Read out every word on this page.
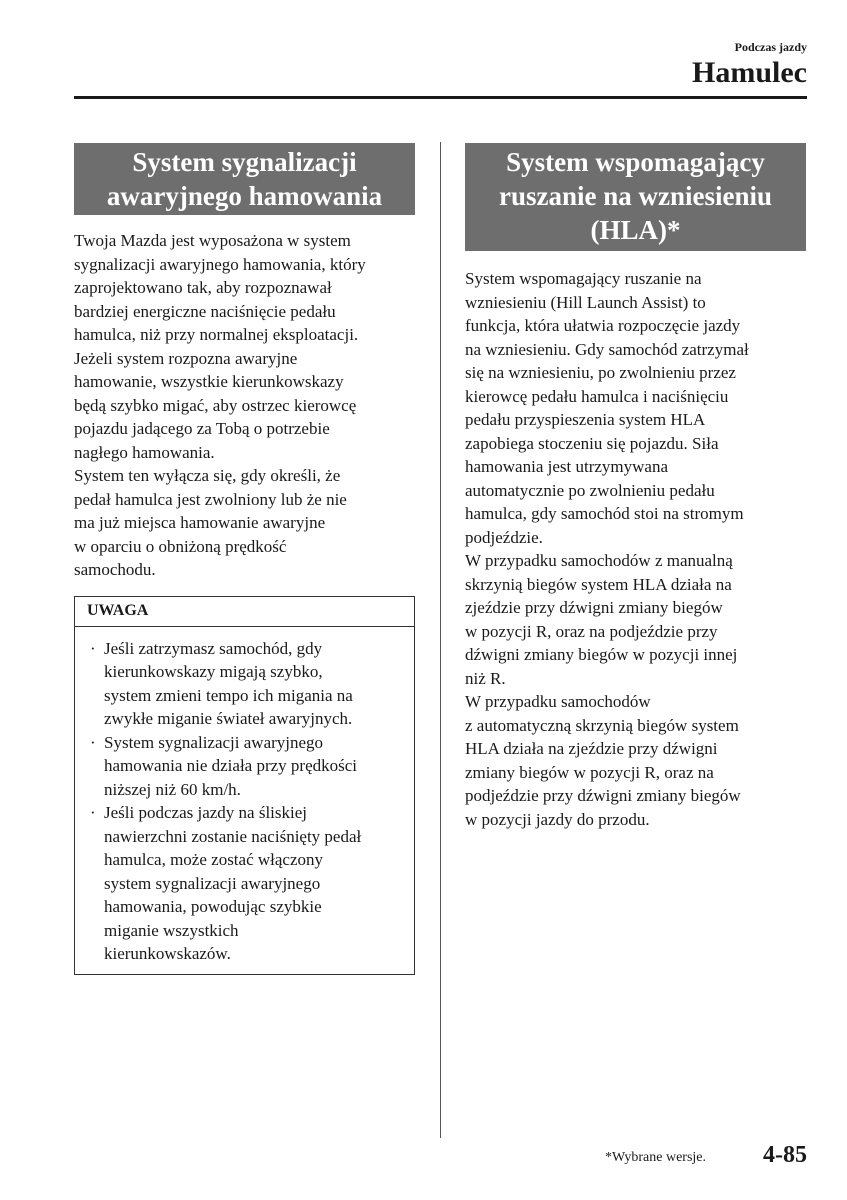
Podczas jazdy
Hamulec
System sygnalizacji
awaryjnego hamowania

Twoja Mazda jest wyposażona w system
sygnalizacji awaryjnego hamowania, który
zaprojektowano tak, aby rozpoznawał
bardziej energiczne naciśnięcie pedału
hamulca, niż przy normalnej eksploatacji.
Jeżeli system rozpozna awaryjne
hamowanie, wszystkie kierunkowskazy
będą szybko migać, aby ostrzec kierowcę
pojazdu jadącego za Tobą o potrzebie
nagłego hamowania.
System ten wyłącza się, gdy określi, że
pedał hamulca jest zwolniony lub że nie
ma już miejsca hamowanie awaryjne
w oparciu o obniżoną prędkość
samochodu.

UWAGA
· Jeśli zatrzymasz samochód, gdy
kierunkowskazy migają szybko,
system zmieni tempo ich migania na
zwykłe miganie świateł awaryjnych.
· System sygnalizacji awaryjnego
hamowania nie działa przy prędkości
niższej niż 60 km/h.
· Jeśli podczas jazdy na śliskiej
nawierzchni zostanie naciśnięty pedał
hamulca, może zostać włączony
system sygnalizacji awaryjnego
hamowania, powodując szybkie
miganie wszystkich
kierunkowskazów.
System wspomagający
ruszanie na wzniesieniu
(HLA)*

System wspomagający ruszanie na
wzniesieniu (Hill Launch Assist) to
funkcja, która ułatwia rozpoczęcie jazdy
na wzniesieniu. Gdy samochód zatrzymał
się na wzniesieniu, po zwolnieniu przez
kierowcę pedału hamulca i naciśnięciu
pedału przyspieszenia system HLA
zapobiega stoczeniu się pojazdu. Siła
hamowania jest utrzymywana
automatycznie po zwolnieniu pedału
hamulca, gdy samochód stoi na stromym
podjeździe.

W przypadku samochodów z manualną
skrzynią biegów system HLA działa na
zjeździe przy dźwigni zmiany biegów
w pozycji R, oraz na podjeździe przy
dźwigni zmiany biegów w pozycji innej
niż R.

W przypadku samochodów
z automatyczną skrzynią biegów system
HLA działa na zjeździe przy dźwigni
zmiany biegów w pozycji R, oraz na
podjeździe przy dźwigni zmiany biegów
w pozycji jazdy do przodu.

*Wybrane wersje. 4-85
